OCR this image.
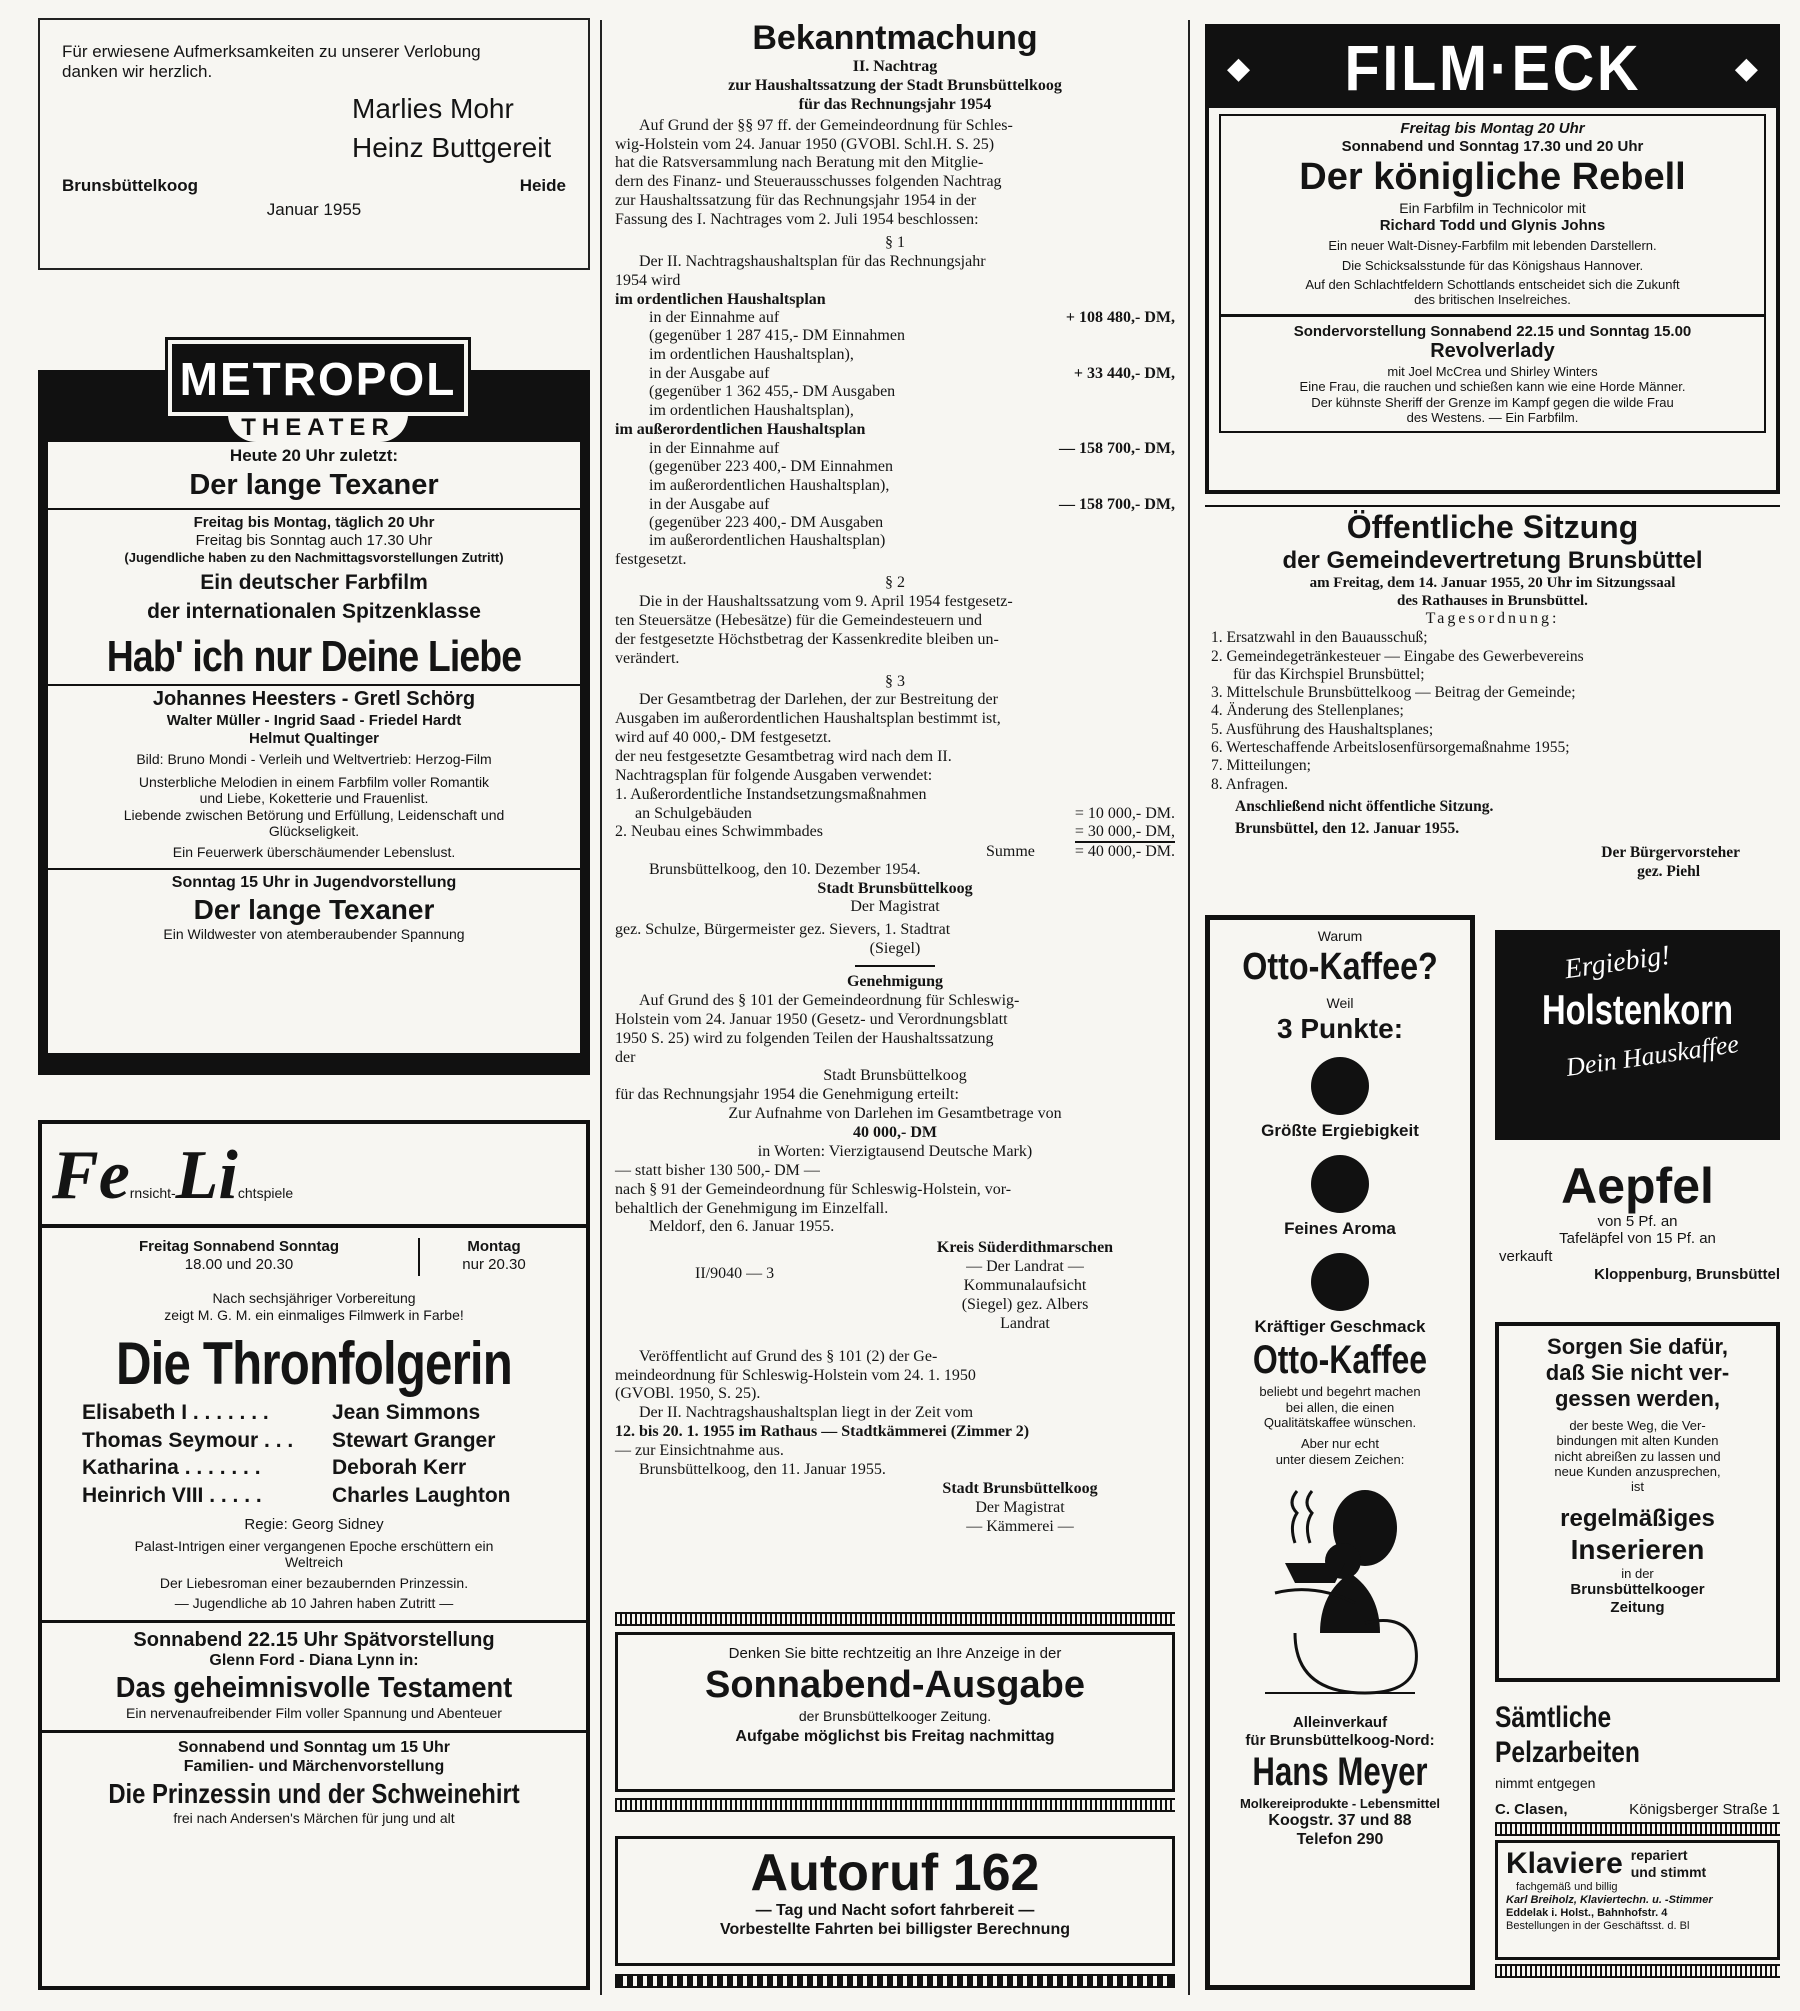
Für erwiesene Aufmerksamkeiten zu unserer Verlobung

danken wir herzlich.

Marlies Mohr

Heinz Buttgereit

Brunsbüttelkoog	Heide

Januar 1955

METROPOL
THEATER

Heute 20 Uhr zuletzt:

Der lange Texaner

Freitag bis Montag, täglich 20 Uhr

Freitag bis Sonntag auch 17.30 Uhr

(Jugendliche haben zu den Nachmittagsvorstellungen Zutritt)

Ein deutscher Farbfilm

der internationalen Spitzenklasse

Hab' ich nur Deine Liebe

Johannes Heesters - Gretl Schörg

Walter Müller - Ingrid Saad - Friedel Hardt

Helmut Qualtinger

Bild: Bruno Mondi - Verleih und Weltvertrieb: Herzog-Film

Unsterbliche Melodien in einem Farbfilm voller Romantik

und Liebe, Koketterie und Frauenlist.

Liebende zwischen Betörung und Erfüllung, Leidenschaft und

Glückseligkeit.

Ein Feuerwerk überschäumender Lebenslust.

Sonntag 15 Uhr in Jugendvorstellung

Der lange Texaner

Ein Wildwester von atemberaubender Spannung

Fernsicht-Lichtspiele

Freitag Sonnabend Sonntag

18.00 und 20.30

Montag

nur 20.30

Nach sechsjähriger Vorbereitung

zeigt M. G. M. ein einmaliges Filmwerk in Farbe!

Die Thronfolgerin

Elisabeth I . . . . . . .	Jean Simmons
Thomas Seymour . . .	Stewart Granger
Katharina . . . . . . .	Deborah Kerr
Heinrich VIII . . . . .	Charles Laughton

Regie: Georg Sidney

Palast-Intrigen einer vergangenen Epoche erschüttern ein

Weltreich

Der Liebesroman einer bezaubernden Prinzessin.

— Jugendliche ab 10 Jahren haben Zutritt —

Sonnabend 22.15 Uhr Spätvorstellung

Glenn Ford - Diana Lynn in:

Das geheimnisvolle Testament

Ein nervenaufreibender Film voller Spannung und Abenteuer

Sonnabend und Sonntag um 15 Uhr

Familien- und Märchenvorstellung

Die Prinzessin und der Schweinehirt

frei nach Andersen's Märchen für jung und alt

Bekanntmachung

II. Nachtrag

zur Haushaltssatzung der Stadt Brunsbüttelkoog

für das Rechnungsjahr 1954

Auf Grund der §§ 97 ff. der Gemeindeordnung für Schles-

wig-Holstein vom 24. Januar 1950 (GVOBl. Schl.H. S. 25)

hat die Ratsversammlung nach Beratung mit den Mitglie-

dern des Finanz- und Steuerausschusses folgenden Nachtrag

zur Haushaltssatzung für das Rechnungsjahr 1954 in der

Fassung des I. Nachtrages vom 2. Juli 1954 beschlossen:

§ 1

Der II. Nachtragshaushaltsplan für das Rechnungsjahr

1954 wird

im ordentlichen Haushaltsplan

in der Einnahme auf	+ 108 480,- DM,

(gegenüber 1 287 415,- DM Einnahmen

im ordentlichen Haushaltsplan),

in der Ausgabe auf	+ 33 440,- DM,

(gegenüber 1 362 455,- DM Ausgaben

im ordentlichen Haushaltsplan),

im außerordentlichen Haushaltsplan

in der Einnahme auf	— 158 700,- DM,

(gegenüber 223 400,- DM Einnahmen

im außerordentlichen Haushaltsplan),

in der Ausgabe auf	— 158 700,- DM,

(gegenüber 223 400,- DM Ausgaben

im außerordentlichen Haushaltsplan)

festgesetzt.

§ 2

Die in der Haushaltssatzung vom 9. April 1954 festgesetz-

ten Steuersätze (Hebesätze) für die Gemeindesteuern und

der festgesetzte Höchstbetrag der Kassenkredite bleiben un-

verändert.

§ 3

Der Gesamtbetrag der Darlehen, der zur Bestreitung der

Ausgaben im außerordentlichen Haushaltsplan bestimmt ist,

wird auf 40 000,- DM festgesetzt.

der neu festgesetzte Gesamtbetrag wird nach dem II.

Nachtragsplan für folgende Ausgaben verwendet:

1. Außerordentliche Instandsetzungsmaßnahmen

an Schulgebäuden	= 10 000,- DM.
2. Neubau eines Schwimmbades	= 30 000,- DM,
Summe	= 40 000,- DM.

Brunsbüttelkoog, den 10. Dezember 1954.

Stadt Brunsbüttelkoog

Der Magistrat

gez. Schulze, Bürgermeister gez. Sievers, 1. Stadtrat

(Siegel)

Genehmigung

Auf Grund des § 101 der Gemeindeordnung für Schleswig-

Holstein vom 24. Januar 1950 (Gesetz- und Verordnungsblatt

1950 S. 25) wird zu folgenden Teilen der Haushaltssatzung

der

Stadt Brunsbüttelkoog

für das Rechnungsjahr 1954 die Genehmigung erteilt:

Zur Aufnahme von Darlehen im Gesamtbetrage von

40 000,- DM

in Worten: Vierzigtausend Deutsche Mark)

— statt bisher 130 500,- DM —

nach § 91 der Gemeindeordnung für Schleswig-Holstein, vor-

behaltlich der Genehmigung im Einzelfall.

Meldorf, den 6. Januar 1955.

II/9040 — 3

Kreis Süderdithmarschen

— Der Landrat —

Kommunalaufsicht

(Siegel) gez. Albers

Landrat

Veröffentlicht auf Grund des § 101 (2) der Ge-

meindeordnung für Schleswig-Holstein vom 24. 1. 1950

(GVOBl. 1950, S. 25).

Der II. Nachtragshaushaltsplan liegt in der Zeit vom

12. bis 20. 1. 1955 im Rathaus — Stadtkämmerei (Zimmer 2)

— zur Einsichtnahme aus.

Brunsbüttelkoog, den 11. Januar 1955.

Stadt Brunsbüttelkoog

Der Magistrat

— Kämmerei —

Denken Sie bitte rechtzeitig an Ihre Anzeige in der

Sonnabend-Ausgabe

der Brunsbüttelkooger Zeitung.

Aufgabe möglichst bis Freitag nachmittag

Autoruf 162

— Tag und Nacht sofort fahrbereit —

Vorbestellte Fahrten bei billigster Berechnung

◆ FILM·ECK	◆

Freitag bis Montag 20 Uhr

Sonnabend und Sonntag 17.30 und 20 Uhr

Der königliche Rebell

Ein Farbfilm in Technicolor mit

Richard Todd und Glynis Johns

Ein neuer Walt-Disney-Farbfilm mit lebenden Darstellern.

Die Schicksalsstunde für das Königshaus Hannover.

Auf den Schlachtfeldern Schottlands entscheidet sich die Zukunft

des britischen Inselreiches.

Sondervorstellung Sonnabend 22.15 und Sonntag 15.00

Revolverlady

mit Joel McCrea und Shirley Winters

Eine Frau, die rauchen und schießen kann wie eine Horde Männer.

Der kühnste Sheriff der Grenze im Kampf gegen die wilde Frau

des Westens. — Ein Farbfilm.

Öffentliche Sitzung

der Gemeindevertretung Brunsbüttel

am Freitag, dem 14. Januar 1955, 20 Uhr im Sitzungssaal

des Rathauses in Brunsbüttel.

Tagesordnung:

1. Ersatzwahl in den Bauausschuß;

2. Gemeindegetränkesteuer — Eingabe des Gewerbevereins

für das Kirchspiel Brunsbüttel;

3. Mittelschule Brunsbüttelkoog — Beitrag der Gemeinde;

4. Änderung des Stellenplanes;

5. Ausführung des Haushaltsplanes;

6. Werteschaffende Arbeitslosenfürsorgemaßnahme 1955;

7. Mitteilungen;

8. Anfragen.

Anschließend nicht öffentliche Sitzung.

Brunsbüttel, den 12. Januar 1955.

Der Bürgervorsteher

gez. Piehl

Warum

Otto-Kaffee?

Weil

3 Punkte:

Größte Ergiebigkeit

Feines Aroma

Kräftiger Geschmack

Otto-Kaffee

beliebt und begehrt machen

bei allen, die einen

Qualitätskaffee wünschen.

Aber nur echt

unter diesem Zeichen:

Alleinverkauf

für Brunsbüttelkoog-Nord:

Hans Meyer

Molkereiprodukte - Lebensmittel

Koogstr. 37 und 88

Telefon 290

Ergiebig!

Holstenkorn

Dein Hauskaffee

Aepfel

von 5 Pf. an

Tafeläpfel von 15 Pf. an

verkauft

Kloppenburg, Brunsbüttel

Sorgen Sie dafür,

daß Sie nicht ver-

gessen werden,

der beste Weg, die Ver-

bindungen mit alten Kunden

nicht abreißen zu lassen und

neue Kunden anzusprechen,

ist

regelmäßiges

Inserieren

in der

Brunsbüttelkooger

Zeitung

Sämtliche Pelzarbeiten

nimmt entgegen

C. Clasen,	Königsberger Straße 1
Klaviere repariert

und stimmt

fachgemäß und billig

Karl Breiholz, Klaviertechn. u. -Stimmer

Eddelak i. Holst., Bahnhofstr. 4

Bestellungen in der Geschäftsst. d. Bl
